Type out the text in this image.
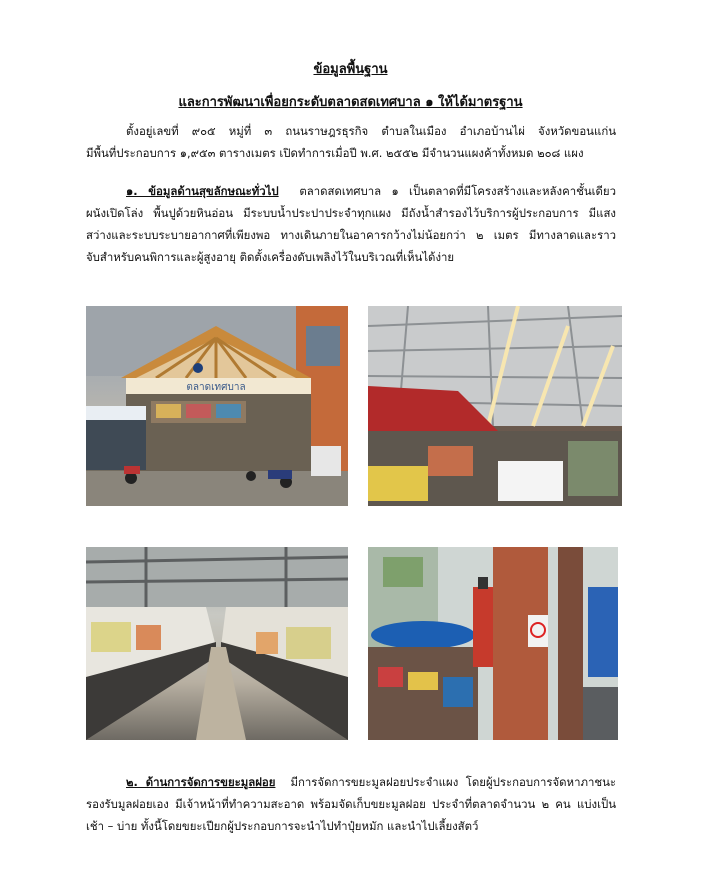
ข้อมูลพื้นฐาน
และการพัฒนาเพื่อยกระดับตลาดสดเทศบาล ๑ ให้ได้มาตรฐาน
ตั้งอยู่เลขที่ ๙๐๕ หมู่ที่ ๓ ถนนราษฎรธุรกิจ ตำบลในเมือง อำเภอบ้านไผ่ จังหวัดขอนแก่น
มีพื้นที่ประกอบการ ๑,๙๕๓ ตารางเมตร เปิดทำการเมื่อปี พ.ศ. ๒๕๕๒ มีจำนวนแผงค้าทั้งหมด ๒๐๘ แผง
๑. ข้อมูลด้านสุขลักษณะทั่วไป ตลาดสดเทศบาล ๑ เป็นตลาดที่มีโครงสร้างและหลังคาชั้นเดียว
ผนังเปิดโล่ง พื้นปูด้วยหินอ่อน มีระบบน้ำประปาประจำทุกแผง มีถังน้ำสำรองไว้บริการผู้ประกอบการ มีแสง
สว่างและระบบระบายอากาศที่เพียงพอ ทางเดินภายในอาคารกว้างไม่น้อยกว่า ๒ เมตร มีทางลาดและราว
จับสำหรับคนพิการและผู้สูงอายุ ติดตั้งเครื่องดับเพลิงไว้ในบริเวณที่เห็นได้ง่าย
ตลาดเทศบาล
๒. ด้านการจัดการขยะมูลฝอย มีการจัดการขยะมูลฝอยประจำแผง โดยผู้ประกอบการจัดหาภาชนะ
รองรับมูลฝอยเอง มีเจ้าหน้าที่ทำความสะอาด พร้อมจัดเก็บขยะมูลฝอย ประจำที่ตลาดจำนวน ๒ คน แบ่งเป็น
เช้า – บ่าย ทั้งนี้โดยขยะเปียกผู้ประกอบการจะนำไปทำปุ๋ยหมัก และนำไปเลี้ยงสัตว์
